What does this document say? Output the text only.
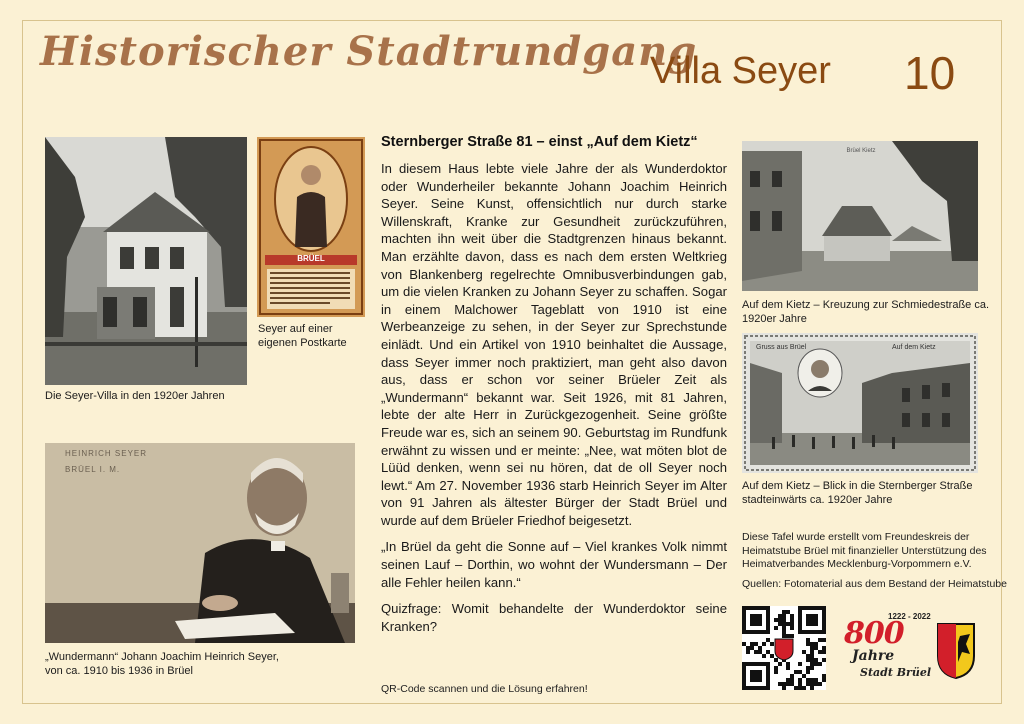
Historischer Stadtrundgang
Villa Seyer 10
Die Seyer-Villa in den 1920er Jahren
BRÜEL
Seyer auf einer
eigenen Postkarte
HEINRICH SEYER
BRÜEL I. M.
„Wundermann“ Johann Joachim Heinrich Seyer,
von ca. 1910 bis 1936 in Brüel
Sternberger Straße 81 – einst „Auf dem Kietz“

In diesem Haus lebte viele Jahre der als Wunderdoktor oder Wunderheiler bekannte Johann Joachim Heinrich Seyer. Seine Kunst, offensichtlich nur durch starke Willenskraft, Kranke zur Gesundheit zurückzuführen, machten ihn weit über die Stadtgrenzen hinaus bekannt. Man erzählte davon, dass es nach dem ersten Weltkrieg von Blankenberg regelrechte Omnibusverbindungen gab, um die vielen Kranken zu Johann Seyer zu schaffen. Sogar in einem Malchower Tageblatt von 1910 ist eine Werbeanzeige zu sehen, in der Seyer zur Sprechstunde einlädt. Und ein Artikel von 1910 beinhaltet die Aussage, dass Seyer immer noch praktiziert, man geht also davon aus, dass er schon vor seiner Brüeler Zeit als „Wundermann“ bekannt war. Seit 1926, mit 81 Jahren, lebte der alte Herr in Zurückgezogenheit. Seine größte Freude war es, sich an seinem 90. Geburtstag im Rundfunk erwähnt zu wissen und er meinte: „Nee, wat möten blot de Lüüd denken, wenn sei nu hören, dat de oll Seyer noch lewt.“ Am 27. November 1936 starb Heinrich Seyer im Alter von 91 Jahren als ältester Bürger der Stadt Brüel und wurde auf dem Brüeler Friedhof beigesetzt.

„In Brüel da geht die Sonne auf – Viel krankes Volk nimmt seinen Lauf – Dorthin, wo wohnt der Wundersmann – Der alle Fehler heilen kann.“

Quizfrage: Womit behandelte der Wunderdoktor seine Kranken?

QR-Code scannen und die Lösung erfahren!
Brüel Kietz
Auf dem Kietz – Kreuzung zur Schmiedestraße ca.
1920er Jahre
Gruss aus Brüel	Auf dem Kietz
Auf dem Kietz – Blick in die Sternberger Straße
stadteinwärts ca. 1920er Jahre
Diese Tafel wurde erstellt vom Freundeskreis der Heimatstube Brüel mit finanzieller Unterstützung des Heimatverbandes Mecklenburg-Vorpommern e.V.
Quellen: Fotomaterial aus dem Bestand der Heimatstube
1222 - 2022
800
Jahre
Stadt Brüel
